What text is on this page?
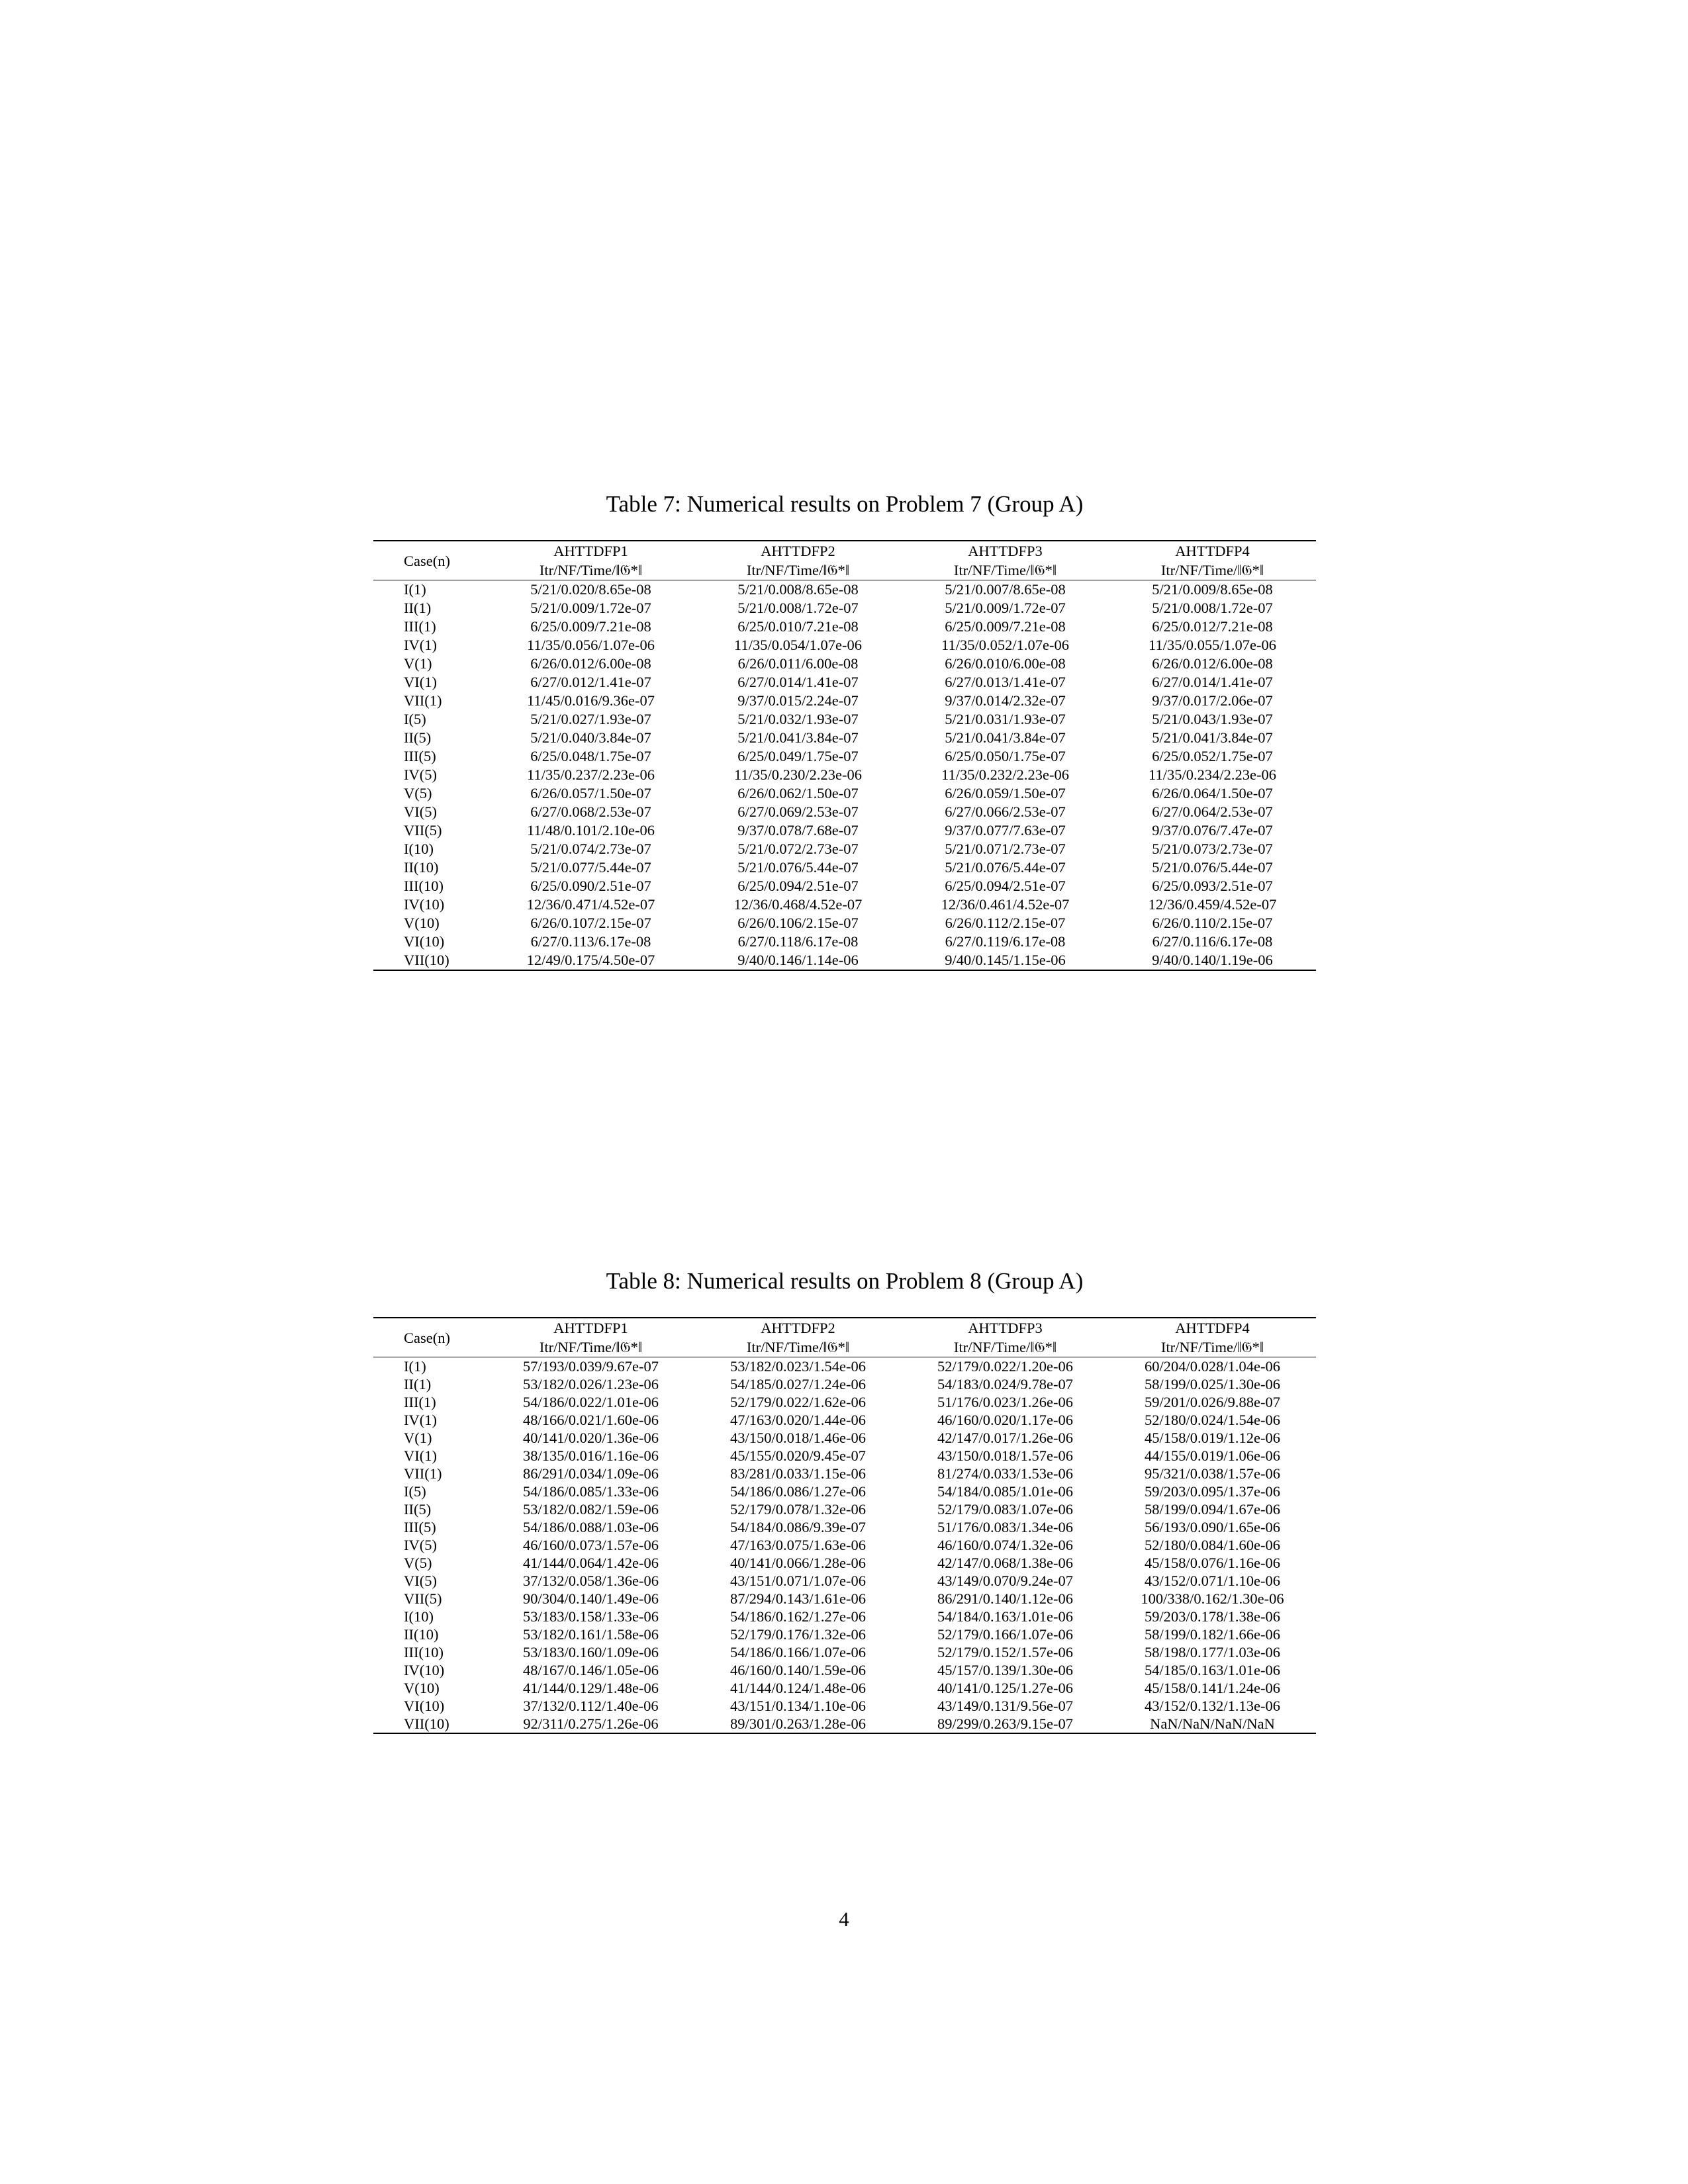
Table 7: Numerical results on Problem 7 (Group A)
Case(n)	AHTTDFP1	AHTTDFP2	AHTTDFP3	AHTTDFP4
	Itr/NF/Time/‖𝔊*‖	Itr/NF/Time/‖𝔊*‖	Itr/NF/Time/‖𝔊*‖	Itr/NF/Time/‖𝔊*‖
I(1)	5/21/0.020/8.65e-08	5/21/0.008/8.65e-08	5/21/0.007/8.65e-08	5/21/0.009/8.65e-08
II(1)	5/21/0.009/1.72e-07	5/21/0.008/1.72e-07	5/21/0.009/1.72e-07	5/21/0.008/1.72e-07
III(1)	6/25/0.009/7.21e-08	6/25/0.010/7.21e-08	6/25/0.009/7.21e-08	6/25/0.012/7.21e-08
IV(1)	11/35/0.056/1.07e-06	11/35/0.054/1.07e-06	11/35/0.052/1.07e-06	11/35/0.055/1.07e-06
V(1)	6/26/0.012/6.00e-08	6/26/0.011/6.00e-08	6/26/0.010/6.00e-08	6/26/0.012/6.00e-08
VI(1)	6/27/0.012/1.41e-07	6/27/0.014/1.41e-07	6/27/0.013/1.41e-07	6/27/0.014/1.41e-07
VII(1)	11/45/0.016/9.36e-07	9/37/0.015/2.24e-07	9/37/0.014/2.32e-07	9/37/0.017/2.06e-07
I(5)	5/21/0.027/1.93e-07	5/21/0.032/1.93e-07	5/21/0.031/1.93e-07	5/21/0.043/1.93e-07
II(5)	5/21/0.040/3.84e-07	5/21/0.041/3.84e-07	5/21/0.041/3.84e-07	5/21/0.041/3.84e-07
III(5)	6/25/0.048/1.75e-07	6/25/0.049/1.75e-07	6/25/0.050/1.75e-07	6/25/0.052/1.75e-07
IV(5)	11/35/0.237/2.23e-06	11/35/0.230/2.23e-06	11/35/0.232/2.23e-06	11/35/0.234/2.23e-06
V(5)	6/26/0.057/1.50e-07	6/26/0.062/1.50e-07	6/26/0.059/1.50e-07	6/26/0.064/1.50e-07
VI(5)	6/27/0.068/2.53e-07	6/27/0.069/2.53e-07	6/27/0.066/2.53e-07	6/27/0.064/2.53e-07
VII(5)	11/48/0.101/2.10e-06	9/37/0.078/7.68e-07	9/37/0.077/7.63e-07	9/37/0.076/7.47e-07
I(10)	5/21/0.074/2.73e-07	5/21/0.072/2.73e-07	5/21/0.071/2.73e-07	5/21/0.073/2.73e-07
II(10)	5/21/0.077/5.44e-07	5/21/0.076/5.44e-07	5/21/0.076/5.44e-07	5/21/0.076/5.44e-07
III(10)	6/25/0.090/2.51e-07	6/25/0.094/2.51e-07	6/25/0.094/2.51e-07	6/25/0.093/2.51e-07
IV(10)	12/36/0.471/4.52e-07	12/36/0.468/4.52e-07	12/36/0.461/4.52e-07	12/36/0.459/4.52e-07
V(10)	6/26/0.107/2.15e-07	6/26/0.106/2.15e-07	6/26/0.112/2.15e-07	6/26/0.110/2.15e-07
VI(10)	6/27/0.113/6.17e-08	6/27/0.118/6.17e-08	6/27/0.119/6.17e-08	6/27/0.116/6.17e-08
VII(10)	12/49/0.175/4.50e-07	9/40/0.146/1.14e-06	9/40/0.145/1.15e-06	9/40/0.140/1.19e-06
Table 8: Numerical results on Problem 8 (Group A)
Case(n)	AHTTDFP1	AHTTDFP2	AHTTDFP3	AHTTDFP4
	Itr/NF/Time/‖𝔊*‖	Itr/NF/Time/‖𝔊*‖	Itr/NF/Time/‖𝔊*‖	Itr/NF/Time/‖𝔊*‖
I(1)	57/193/0.039/9.67e-07	53/182/0.023/1.54e-06	52/179/0.022/1.20e-06	60/204/0.028/1.04e-06
II(1)	53/182/0.026/1.23e-06	54/185/0.027/1.24e-06	54/183/0.024/9.78e-07	58/199/0.025/1.30e-06
III(1)	54/186/0.022/1.01e-06	52/179/0.022/1.62e-06	51/176/0.023/1.26e-06	59/201/0.026/9.88e-07
IV(1)	48/166/0.021/1.60e-06	47/163/0.020/1.44e-06	46/160/0.020/1.17e-06	52/180/0.024/1.54e-06
V(1)	40/141/0.020/1.36e-06	43/150/0.018/1.46e-06	42/147/0.017/1.26e-06	45/158/0.019/1.12e-06
VI(1)	38/135/0.016/1.16e-06	45/155/0.020/9.45e-07	43/150/0.018/1.57e-06	44/155/0.019/1.06e-06
VII(1)	86/291/0.034/1.09e-06	83/281/0.033/1.15e-06	81/274/0.033/1.53e-06	95/321/0.038/1.57e-06
I(5)	54/186/0.085/1.33e-06	54/186/0.086/1.27e-06	54/184/0.085/1.01e-06	59/203/0.095/1.37e-06
II(5)	53/182/0.082/1.59e-06	52/179/0.078/1.32e-06	52/179/0.083/1.07e-06	58/199/0.094/1.67e-06
III(5)	54/186/0.088/1.03e-06	54/184/0.086/9.39e-07	51/176/0.083/1.34e-06	56/193/0.090/1.65e-06
IV(5)	46/160/0.073/1.57e-06	47/163/0.075/1.63e-06	46/160/0.074/1.32e-06	52/180/0.084/1.60e-06
V(5)	41/144/0.064/1.42e-06	40/141/0.066/1.28e-06	42/147/0.068/1.38e-06	45/158/0.076/1.16e-06
VI(5)	37/132/0.058/1.36e-06	43/151/0.071/1.07e-06	43/149/0.070/9.24e-07	43/152/0.071/1.10e-06
VII(5)	90/304/0.140/1.49e-06	87/294/0.143/1.61e-06	86/291/0.140/1.12e-06	100/338/0.162/1.30e-06
I(10)	53/183/0.158/1.33e-06	54/186/0.162/1.27e-06	54/184/0.163/1.01e-06	59/203/0.178/1.38e-06
II(10)	53/182/0.161/1.58e-06	52/179/0.176/1.32e-06	52/179/0.166/1.07e-06	58/199/0.182/1.66e-06
III(10)	53/183/0.160/1.09e-06	54/186/0.166/1.07e-06	52/179/0.152/1.57e-06	58/198/0.177/1.03e-06
IV(10)	48/167/0.146/1.05e-06	46/160/0.140/1.59e-06	45/157/0.139/1.30e-06	54/185/0.163/1.01e-06
V(10)	41/144/0.129/1.48e-06	41/144/0.124/1.48e-06	40/141/0.125/1.27e-06	45/158/0.141/1.24e-06
VI(10)	37/132/0.112/1.40e-06	43/151/0.134/1.10e-06	43/149/0.131/9.56e-07	43/152/0.132/1.13e-06
VII(10)	92/311/0.275/1.26e-06	89/301/0.263/1.28e-06	89/299/0.263/9.15e-07	NaN/NaN/NaN/NaN
4
